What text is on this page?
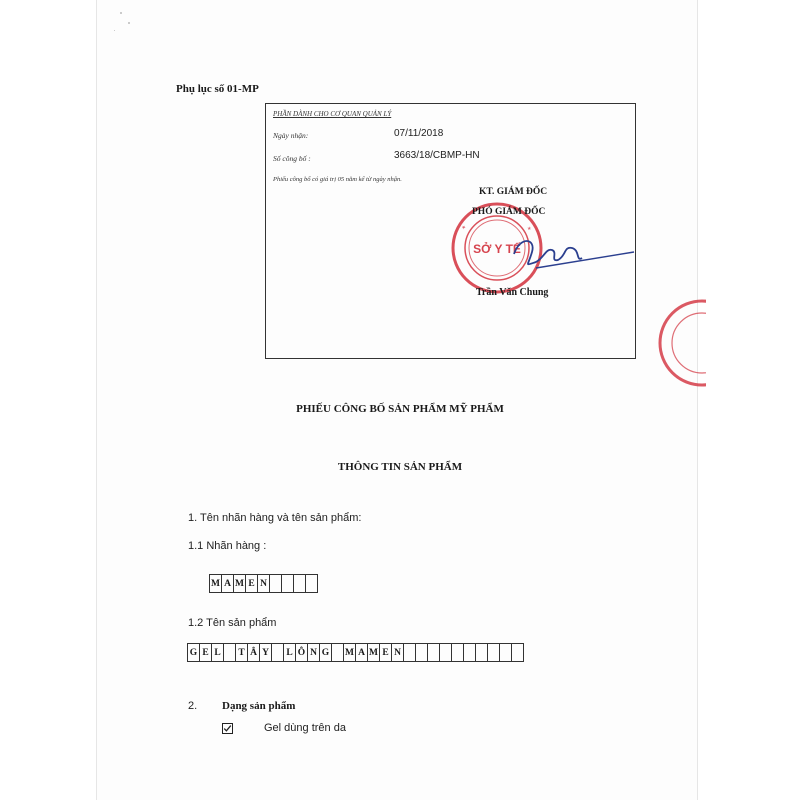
Phụ lục số 01-MP
PHẦN DÀNH CHO CƠ QUAN QUẢN LÝ
Ngày nhận:	07/11/2018
Số công bố :	3663/18/CBMP-HN
Phiếu công bố có giá trị 05 năm kể từ ngày nhận.
SỞ Y TẾ
★	★
KT. GIÁM ĐỐC
PHÓ GIÁM ĐỐC
Trần Văn Chung
PHIẾU CÔNG BỐ SẢN PHẨM MỸ PHẨM
THÔNG TIN SẢN PHẨM
1. Tên nhãn hàng và tên sản phẩm:
1.1 Nhãn hàng :
M A M E N
1.2 Tên sản phẩm
G E L	T Â Y	L Ô N G M A M E N
2. Dạng sản phẩm
Gel dùng trên da
